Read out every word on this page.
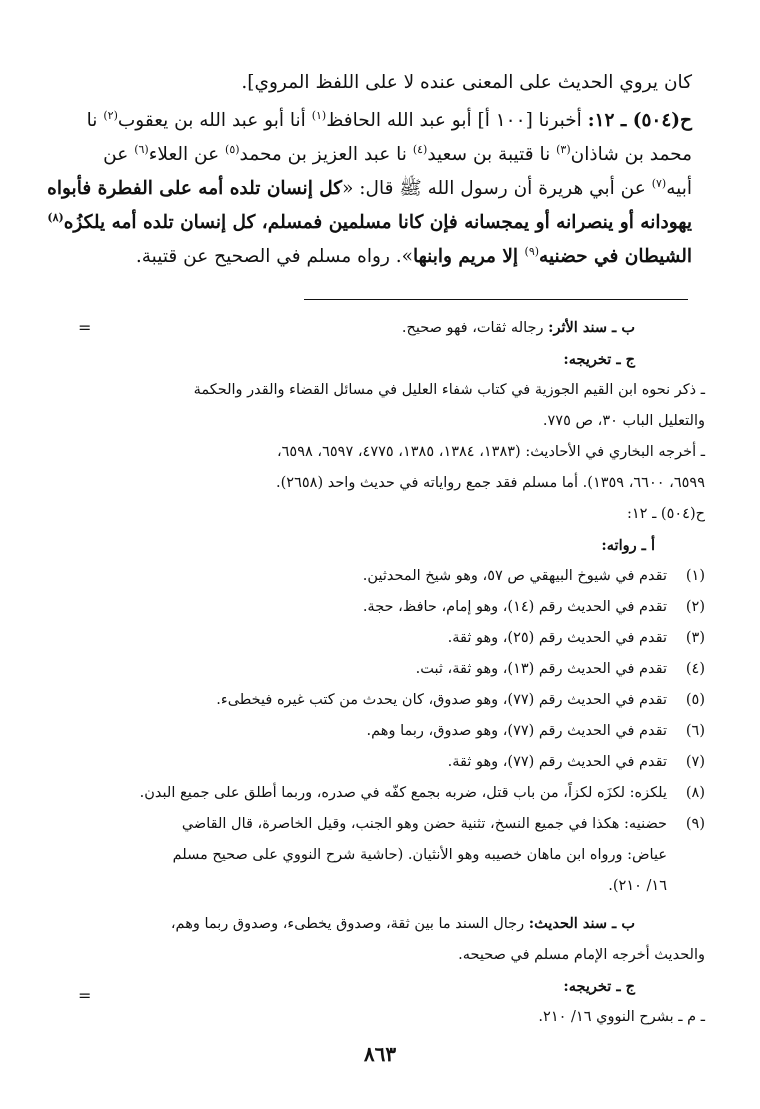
كان يروي الحديث على المعنى عنده لا على اللفظ المروي].
ح(٥٠٤) ـ ١٢: أخبرنا [١٠٠ أ] أبو عبد الله الحافظ$^{(١)}$ أنا أبو عبد الله بن يعقوب$^{(٢)}$ نا
محمد بن شاذان$^{(٣)}$ نا قتيبة بن سعيد$^{(٤)}$ نا عبد العزيز بن محمد$^{(٥)}$ عن العلاء$^{(٦)}$ عن
أبيه$^{(٧)}$ عن أبي هريرة أن رسول الله ﷺ قال: «كل إنسان تلده أمه على الفطرة فأبواه
يهودانه أو ينصرانه أو يمجسانه فإن كانا مسلمين فمسلم، كل إنسان تلده أمه يلكزُه$^{(٨)}$
الشيطان في حضنيه$^{(٩)}$ إلا مريم وابنها». رواه مسلم في الصحيح عن قتيبة.
=
=
ب ـ سند الأثر: رجاله ثقات، فهو صحيح.
ج ـ تخريجه:
ـ ذكر نحوه ابن القيم الجوزية في كتاب شفاء العليل في مسائل القضاء والقدر والحكمة
والتعليل الباب ٣٠، ص ٧٧٥.
ـ أخرجه البخاري في الأحاديث: (١٣٨٣، ١٣٨٤، ١٣٨٥، ٤٧٧٥، ٦٥٩٧، ٦٥٩٨،
٦٥٩٩، ٦٦٠٠، ١٣٥٩). أما مسلم فقد جمع رواياته في حديث واحد (٢٦٥٨).
ح(٥٠٤) ـ ١٢:
أ ـ رواته:
(١)
تقدم في شيوخ البيهقي ص ٥٧، وهو شيخ المحدثين.
(٢)
تقدم في الحديث رقم (١٤)، وهو إمام، حافظ، حجة.
(٣)
تقدم في الحديث رقم (٢٥)، وهو ثقة.
(٤)
تقدم في الحديث رقم (١٣)، وهو ثقة، ثبت.
(٥)
تقدم في الحديث رقم (٧٧)، وهو صدوق، كان يحدث من كتب غيره فيخطىء.
(٦)
تقدم في الحديث رقم (٧٧)، وهو صدوق، ربما وهم.
(٧)
تقدم في الحديث رقم (٧٧)، وهو ثقة.
(٨)
يلكزه: لكزَه لكزاً، من باب قتل، ضربه بجمع كفّه في صدره، وربما أطلق على جميع البدن.
(٩)
حضنيه: هكذا في جميع النسخ، تثنية حضن وهو الجنب، وقيل الخاصرة، قال القاضي
عياض: ورواه ابن ماهان خصيبه وهو الأنثيان. (حاشية شرح النووي على صحيح مسلم
١٦/ ٢١٠).
ب ـ سند الحديث: رجال السند ما بين ثقة، وصدوق يخطىء، وصدوق ربما وهم،
والحديث أخرجه الإمام مسلم في صحيحه.
ج ـ تخريجه:
ـ م ـ بشرح النووي ١٦/ ٢١٠.
٨٦٣
